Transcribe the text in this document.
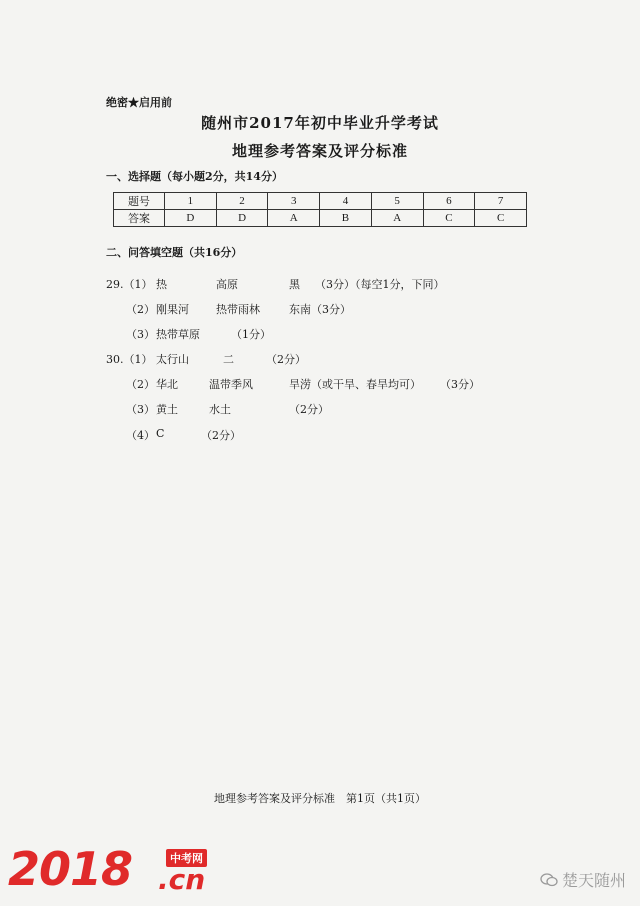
绝密★启用前
随州市2017年初中毕业升学考试
地理参考答案及评分标准
一、选择题（每小题2分，共14分）
题号	1	2	3	4	5	6	7
答案	D	D	A	B	A	C	C
二、问答填空题（共16分）
29.（1） 热	高原	黑 （3分）（每空1分，下同）
（2） 刚果河 热带雨林	东南（3分）
（3） 热带草原	（1分）
30.（1） 太行山	二	（2分）
（2） 华北	温带季风	旱涝（或干旱、春旱均可） （3分）
（3） 黄土	水土	（2分）
（4） C	（2分）
地理参考答案及评分标准　第1页（共1页）
2018	中考网
.cn	楚天随州
